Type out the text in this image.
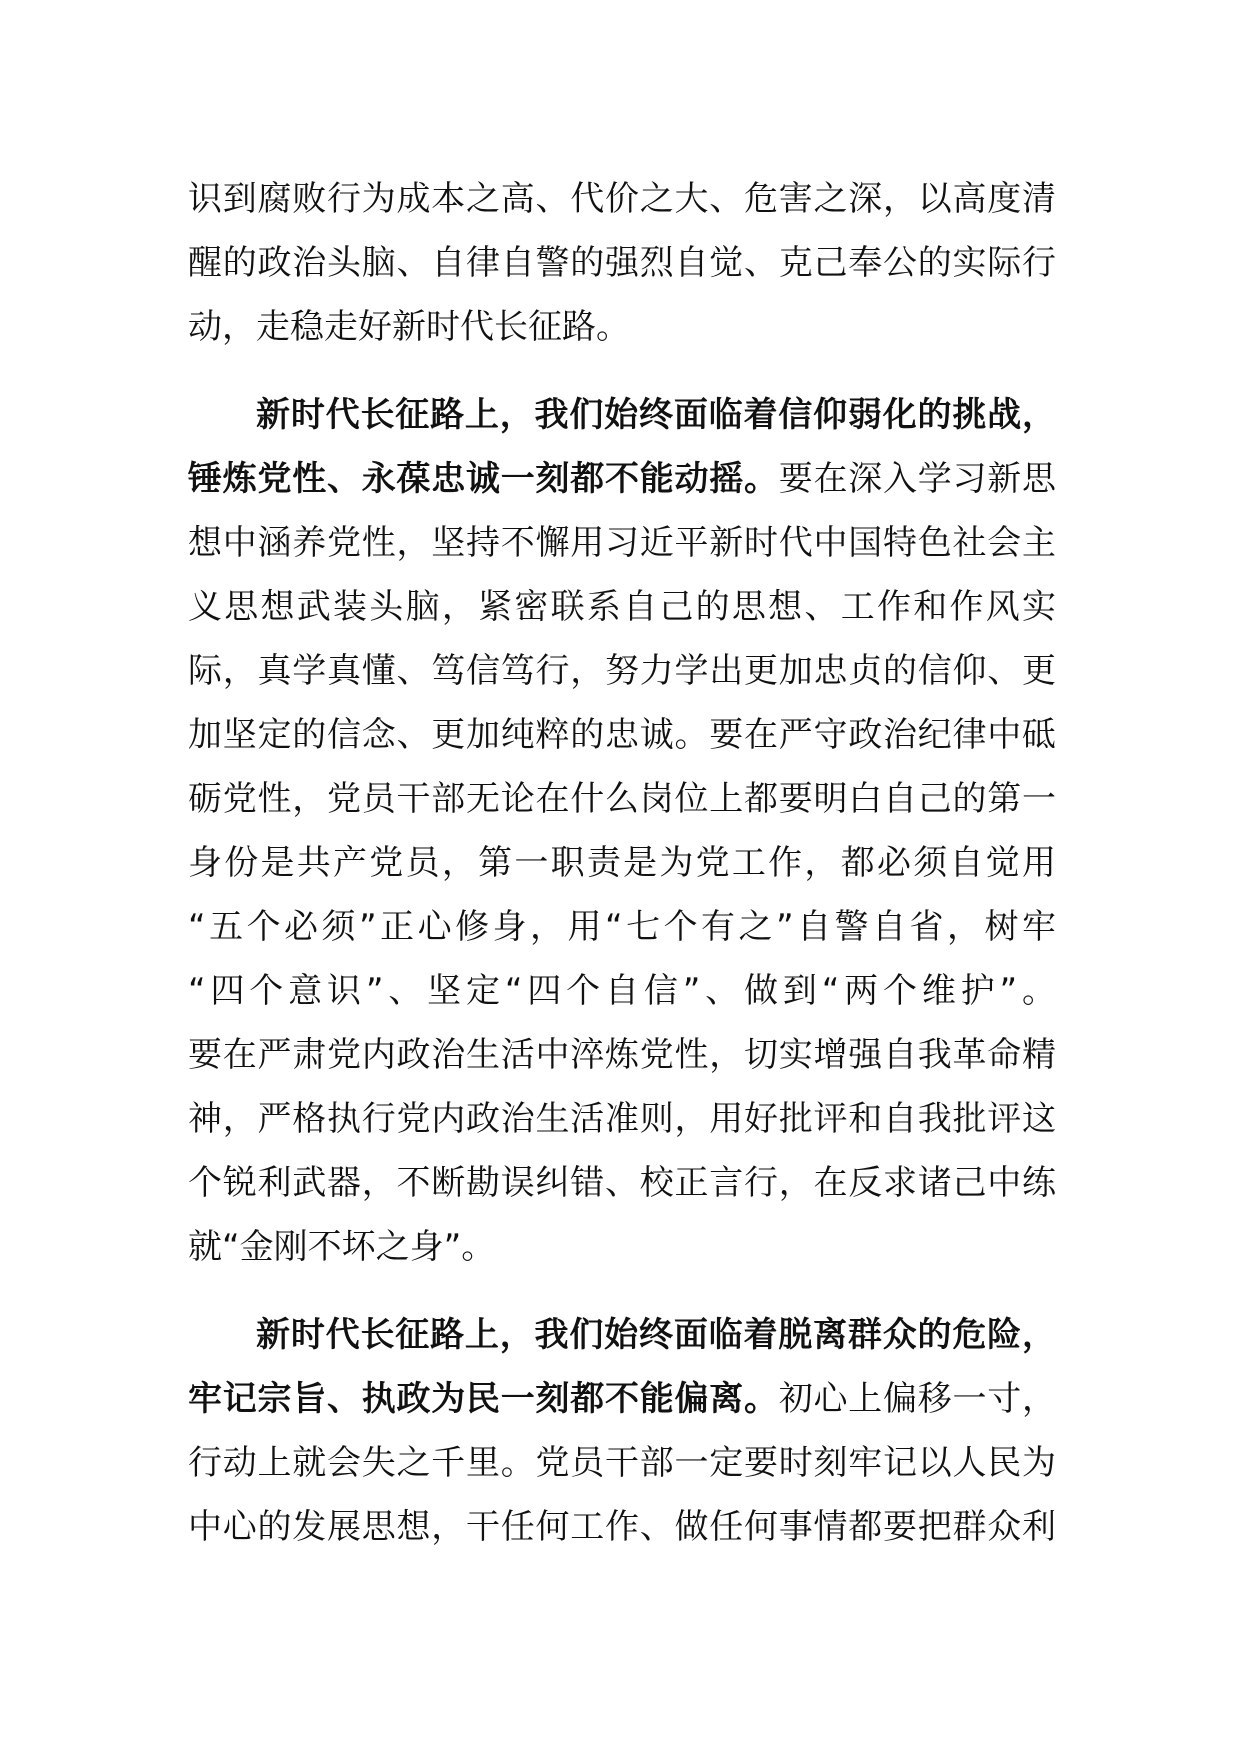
识到腐败行为成本之高、代价之大、危害之深，以高度清
醒的政治头脑、自律自警的强烈自觉、克己奉公的实际行
动，走稳走好新时代长征路。
新时代长征路上，我们始终面临着信仰弱化的挑战，
锤炼党性、永葆忠诚一刻都不能动摇。要在深入学习新思
想中涵养党性，坚持不懈用习近平新时代中国特色社会主
义思想武装头脑，紧密联系自己的思想、工作和作风实
际，真学真懂、笃信笃行，努力学出更加忠贞的信仰、更
加坚定的信念、更加纯粹的忠诚。要在严守政治纪律中砥
砺党性，党员干部无论在什么岗位上都要明白自己的第一
身份是共产党员，第一职责是为党工作，都必须自觉用
“五个必须”正心修身，用“七个有之”自警自省，树牢
“四个意识”、坚定“四个自信”、做到“两个维护”。
要在严肃党内政治生活中淬炼党性，切实增强自我革命精
神，严格执行党内政治生活准则，用好批评和自我批评这
个锐利武器，不断勘误纠错、校正言行，在反求诸己中练
就“金刚不坏之身”。
新时代长征路上，我们始终面临着脱离群众的危险，
牢记宗旨、执政为民一刻都不能偏离。初心上偏移一寸，
行动上就会失之千里。党员干部一定要时刻牢记以人民为
中心的发展思想，干任何工作、做任何事情都要把群众利
